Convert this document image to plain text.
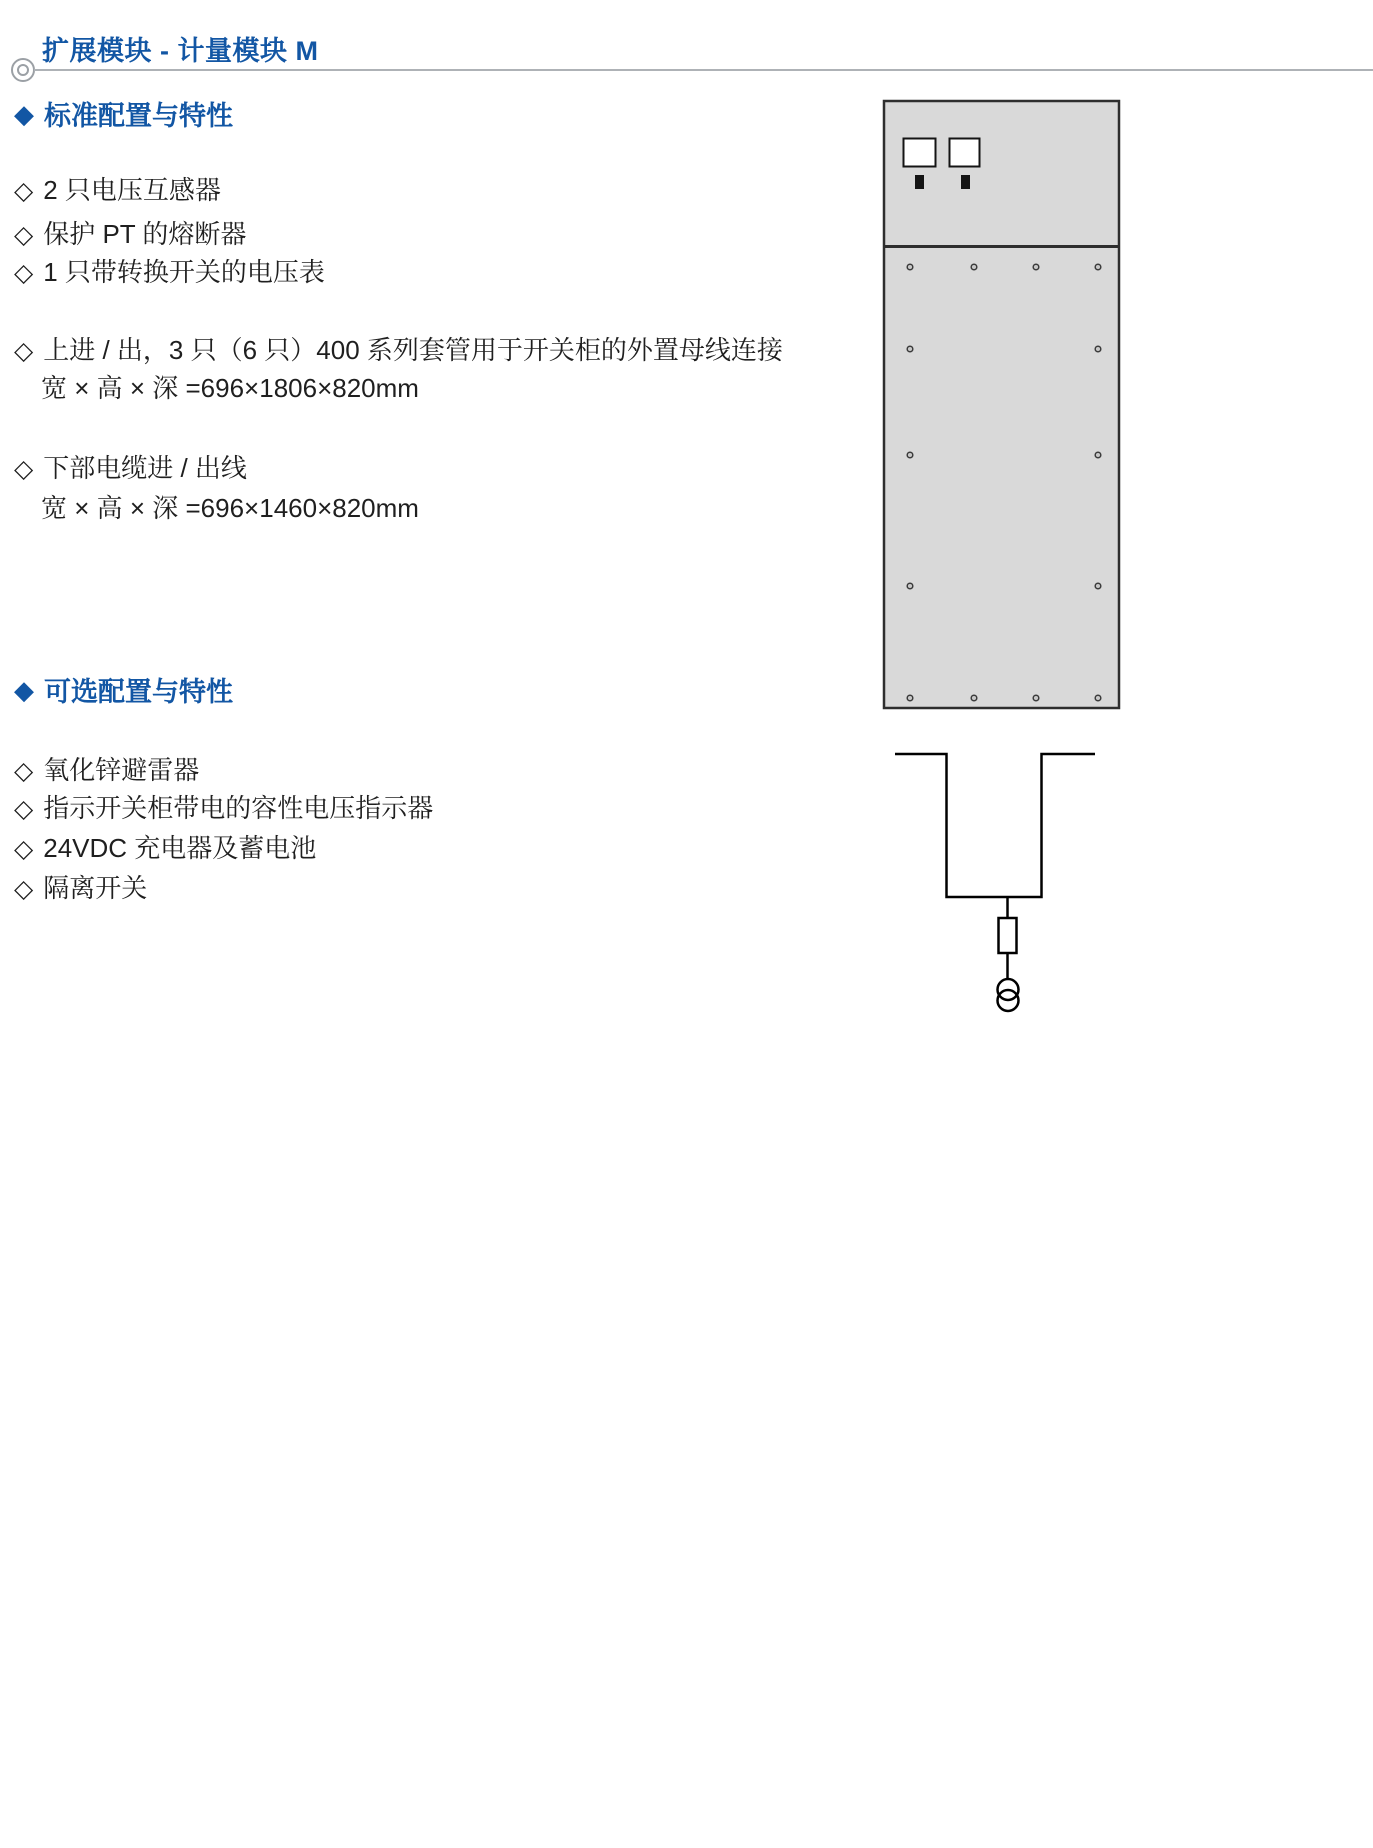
扩展模块 - 计量模块 M
◆ 标准配置与特性
◇ 2 只电压互感器
◇ 保护 PT 的熔断器
◇ 1 只带转换开关的电压表
◇ 上进 / 出，3 只（6 只）400 系列套管用于开关柜的外置母线连接
宽 × 高 × 深 =696×1806×820mm
◇ 下部电缆进 / 出线
宽 × 高 × 深 =696×1460×820mm
◆ 可选配置与特性
◇ 氧化锌避雷器
◇ 指示开关柜带电的容性电压指示器
◇ 24VDC 充电器及蓄电池
◇ 隔离开关
